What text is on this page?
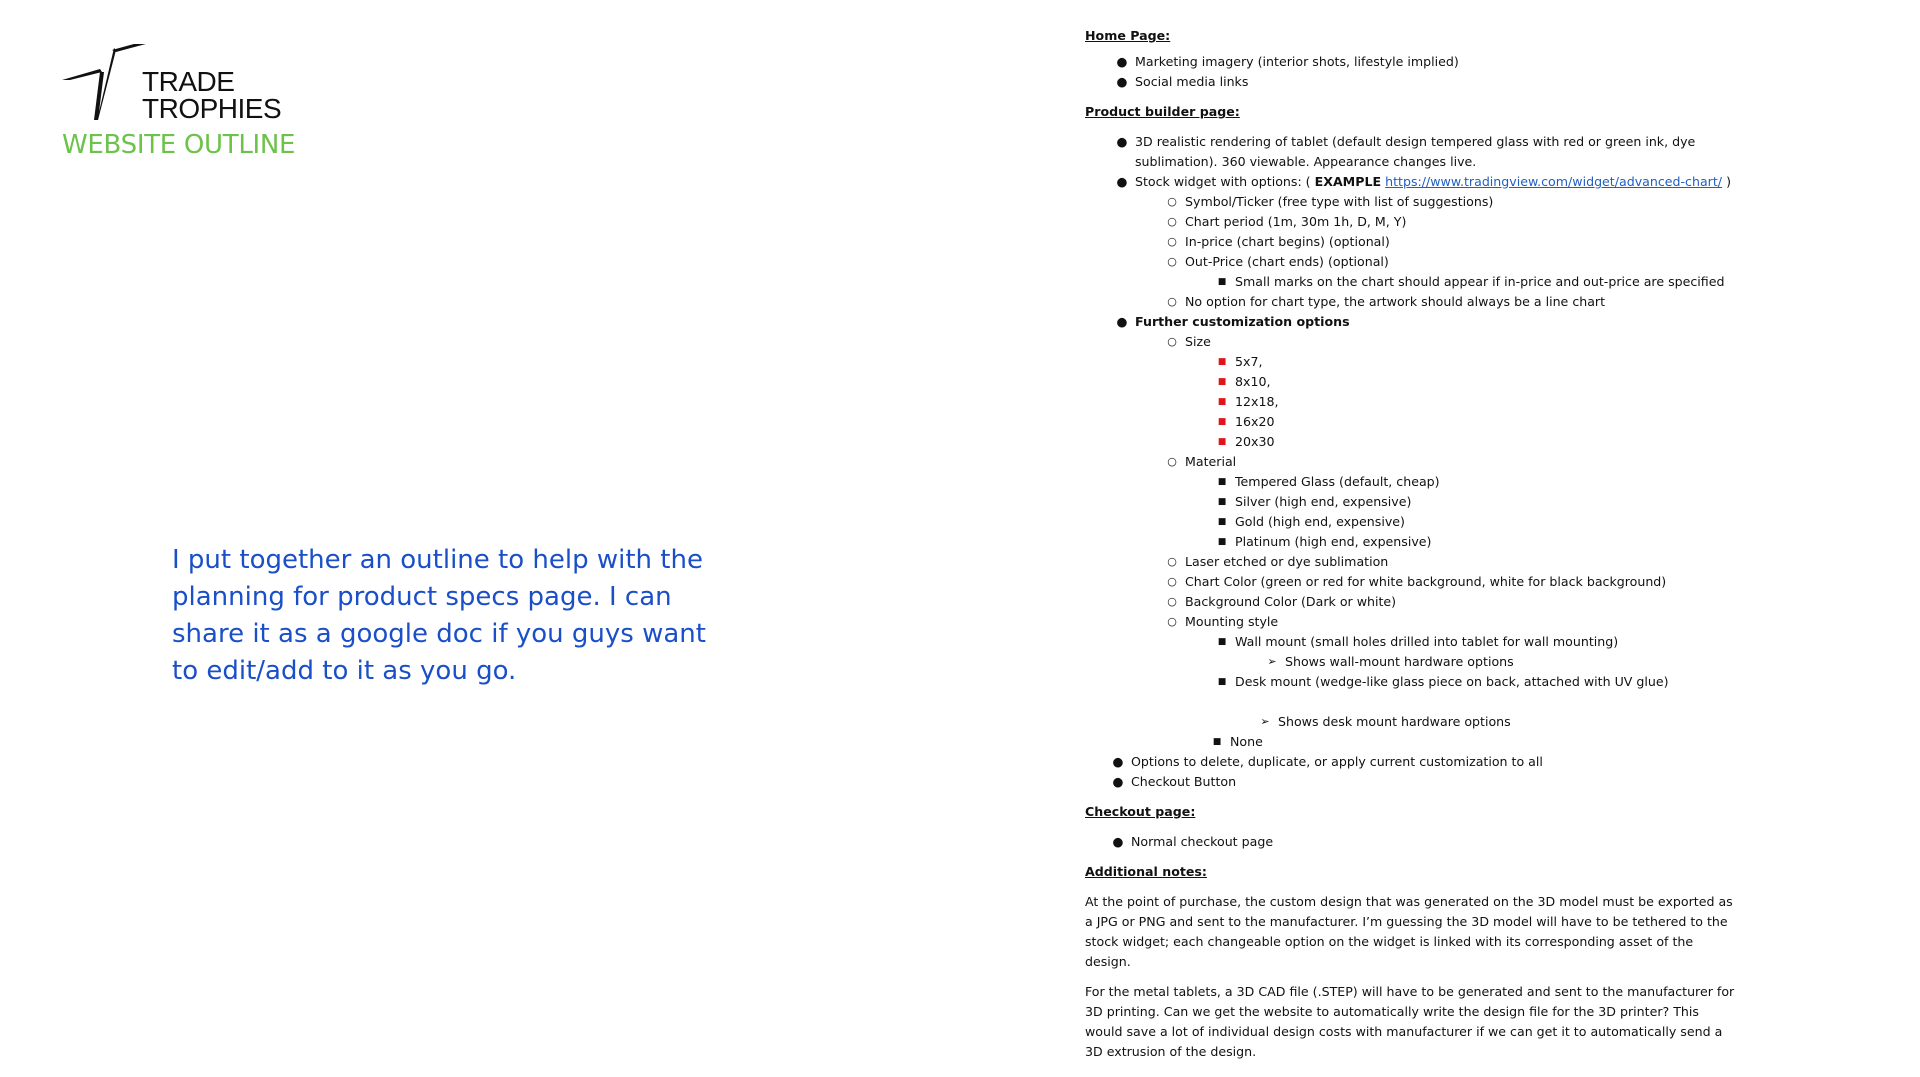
TRADE
TROPHIES
WEBSITE OUTLINE
I put together an outline to help with the planning for product specs page. I can share it as a google doc if you guys want to edit/add to it as you go.

Home Page:

● Marketing imagery (interior shots, lifestyle implied)
● Social media links

Product builder page:

● 3D realistic rendering of tablet (default design tempered glass with red or green ink, dye sublimation). 360 viewable. Appearance changes live.
● Stock widget with options: ( EXAMPLE https://www.tradingview.com/widget/advanced-chart/ )
○ Symbol/Ticker (free type with list of suggestions)
○ Chart period (1m, 30m 1h, D, M, Y)
○ In-price (chart begins) (optional)
○ Out-Price (chart ends) (optional)
■ Small marks on the chart should appear if in-price and out-price are specified
○ No option for chart type, the artwork should always be a line chart
● Further customization options
○ Size
■ 5x7,
■ 8x10,
■ 12x18,
■ 16x20
■ 20x30
○ Material
■ Tempered Glass (default, cheap)
■ Silver (high end, expensive)
■ Gold (high end, expensive)
■ Platinum (high end, expensive)
○ Laser etched or dye sublimation
○ Chart Color (green or red for white background, white for black background)
○ Background Color (Dark or white)
○ Mounting style
■ Wall mount (small holes drilled into tablet for wall mounting)
➢ Shows wall-mount hardware options
■ Desk mount (wedge-like glass piece on back, attached with UV glue)
➢ Shows desk mount hardware options
■ None
● Options to delete, duplicate, or apply current customization to all
● Checkout Button

Checkout page:

● Normal checkout page

Additional notes:

At the point of purchase, the custom design that was generated on the 3D model must be exported as a JPG or PNG and sent to the manufacturer. I’m guessing the 3D model will have to be tethered to the stock widget; each changeable option on the widget is linked with its corresponding asset of the design.

For the metal tablets, a 3D CAD file (.STEP) will have to be generated and sent to the manufacturer for 3D printing. Can we get the website to automatically write the design file for the 3D printer? This would save a lot of individual design costs with manufacturer if we can get it to automatically send a 3D extrusion of the design.
